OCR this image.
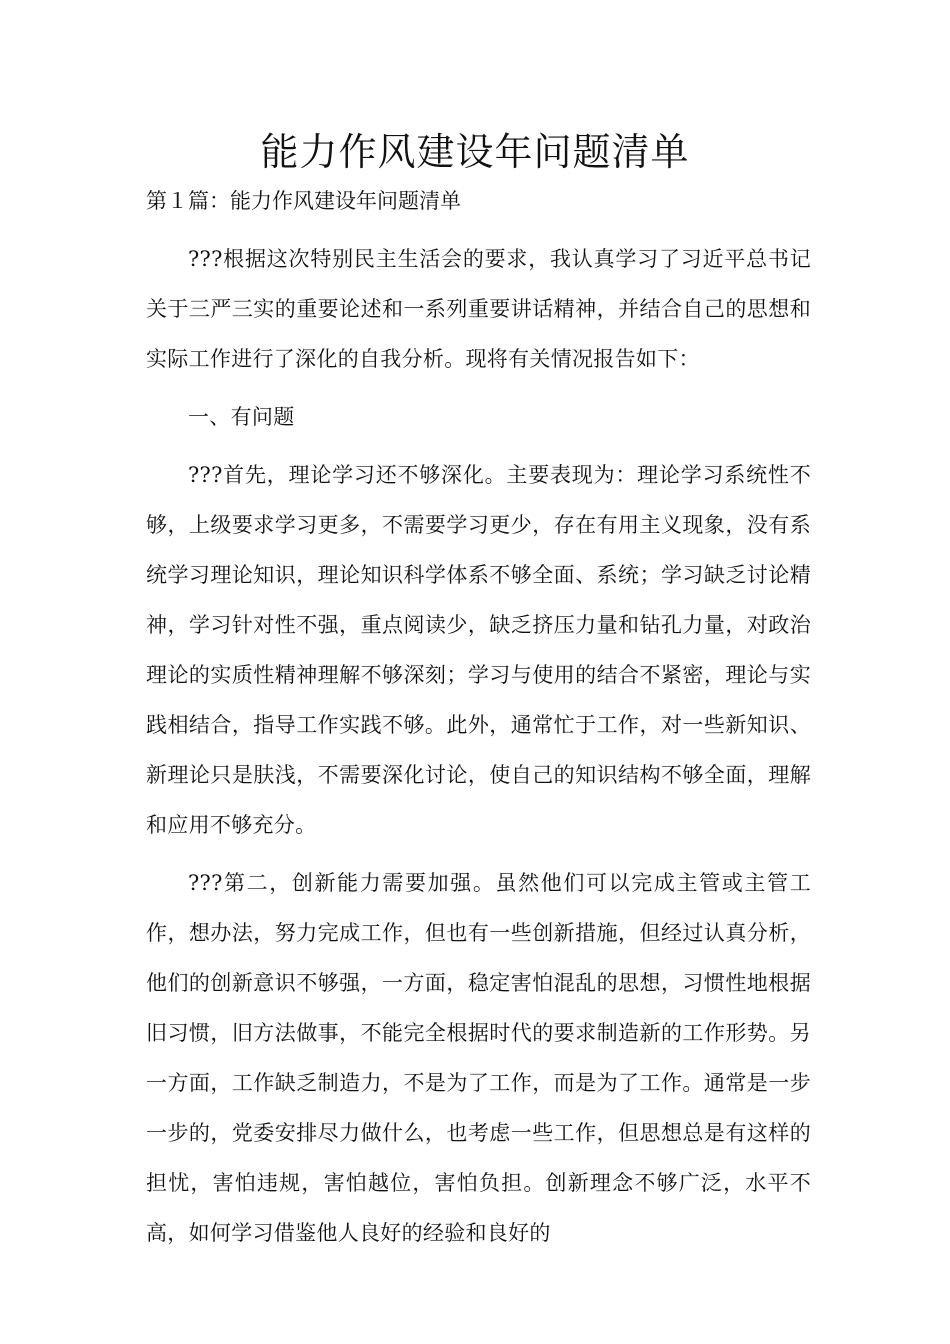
能力作风建设年问题清单

第１篇：能力作风建设年问题清单

???根据这次特别民主生活会的要求，我认真学习了习近平总书记关于三严三实的重要论述和一系列重要讲话精神，并结合自己的思想和实际工作进行了深化的自我分析。现将有关情况报告如下：

一、有问题

???首先，理论学习还不够深化。主要表现为：理论学习系统性不够，上级要求学习更多，不需要学习更少，存在有用主义现象，没有系统学习理论知识，理论知识科学体系不够全面、系统；学习缺乏讨论精神，学习针对性不强，重点阅读少，缺乏挤压力量和钻孔力量，对政治理论的实质性精神理解不够深刻；学习与使用的结合不紧密，理论与实践相结合，指导工作实践不够。此外，通常忙于工作，对一些新知识、新理论只是肤浅，不需要深化讨论，使自己的知识结构不够全面，理解和应用不够充分。

???第二，创新能力需要加强。虽然他们可以完成主管或主管工作，想办法，努力完成工作，但也有一些创新措施，但经过认真分析，他们的创新意识不够强，一方面，稳定害怕混乱的思想，习惯性地根据旧习惯，旧方法做事，不能完全根据时代的要求制造新的工作形势。另一方面，工作缺乏制造力，不是为了工作，而是为了工作。通常是一步一步的，党委安排尽力做什么，也考虑一些工作，但思想总是有这样的担忧，害怕违规，害怕越位，害怕负担。创新理念不够广泛，水平不高，如何学习借鉴他人良好的经验和良好的
